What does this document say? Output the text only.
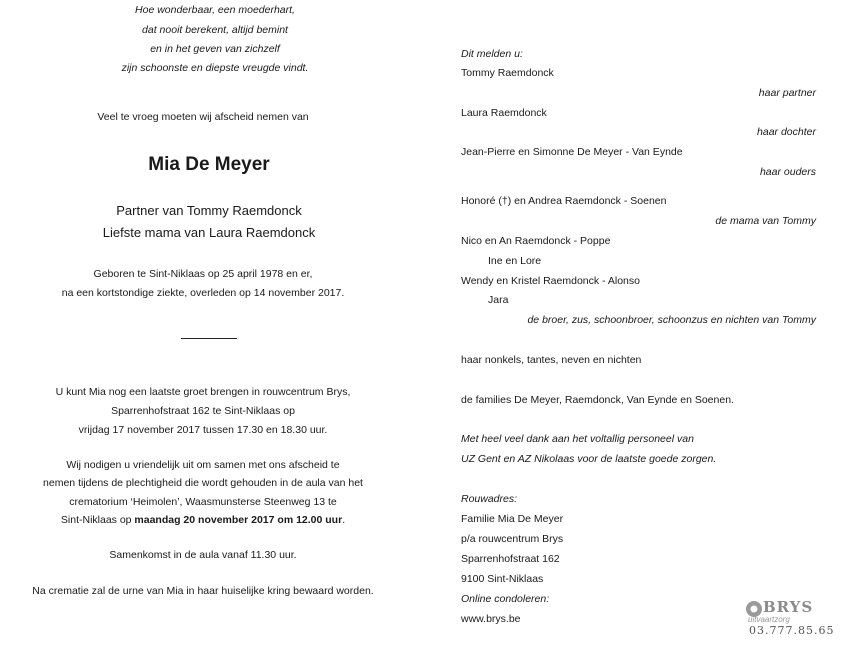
Hoe wonderbaar, een moederhart,
dat nooit berekent, altijd bemint
en in het geven van zichzelf
zijn schoonste en diepste vreugde vindt.
Veel te vroeg moeten wij afscheid nemen van
Mia De Meyer
Partner van Tommy Raemdonck
Liefste mama van Laura Raemdonck
Geboren te Sint-Niklaas op 25 april 1978 en er,
na een kortstondige ziekte, overleden op 14 november 2017.
U kunt Mia nog een laatste groet brengen in rouwcentrum Brys,
Sparrenhofstraat 162 te Sint-Niklaas op
vrijdag 17 november 2017 tussen 17.30 en 18.30 uur.
Wij nodigen u vriendelijk uit om samen met ons afscheid te
nemen tijdens de plechtigheid die wordt gehouden in de aula van het
crematorium ‘Heimolen’, Waasmunsterse Steenweg 13 te
Sint-Niklaas op maandag 20 november 2017 om 12.00 uur.
Samenkomst in de aula vanaf 11.30 uur.
Na crematie zal de urne van Mia in haar huiselijke kring bewaard worden.
Dit melden u:
Tommy Raemdonck
haar partner
Laura Raemdonck
haar dochter
Jean-Pierre en Simonne De Meyer - Van Eynde
haar ouders
Honoré (†) en Andrea Raemdonck - Soenen
de mama van Tommy
Nico en An Raemdonck - Poppe
Ine en Lore
Wendy en Kristel Raemdonck - Alonso
Jara
de broer, zus, schoonbroer, schoonzus en nichten van Tommy
haar nonkels, tantes, neven en nichten
de families De Meyer, Raemdonck, Van Eynde en Soenen.
Met heel veel dank aan het voltallig personeel van
UZ Gent en AZ Nikolaas voor de laatste goede zorgen.
Rouwadres:
Familie Mia De Meyer
p/a rouwcentrum Brys
Sparrenhofstraat 162
9100 Sint-Niklaas
Online condoleren:
www.brys.be
BRYS
uitvaartzorg
03.777.85.65
